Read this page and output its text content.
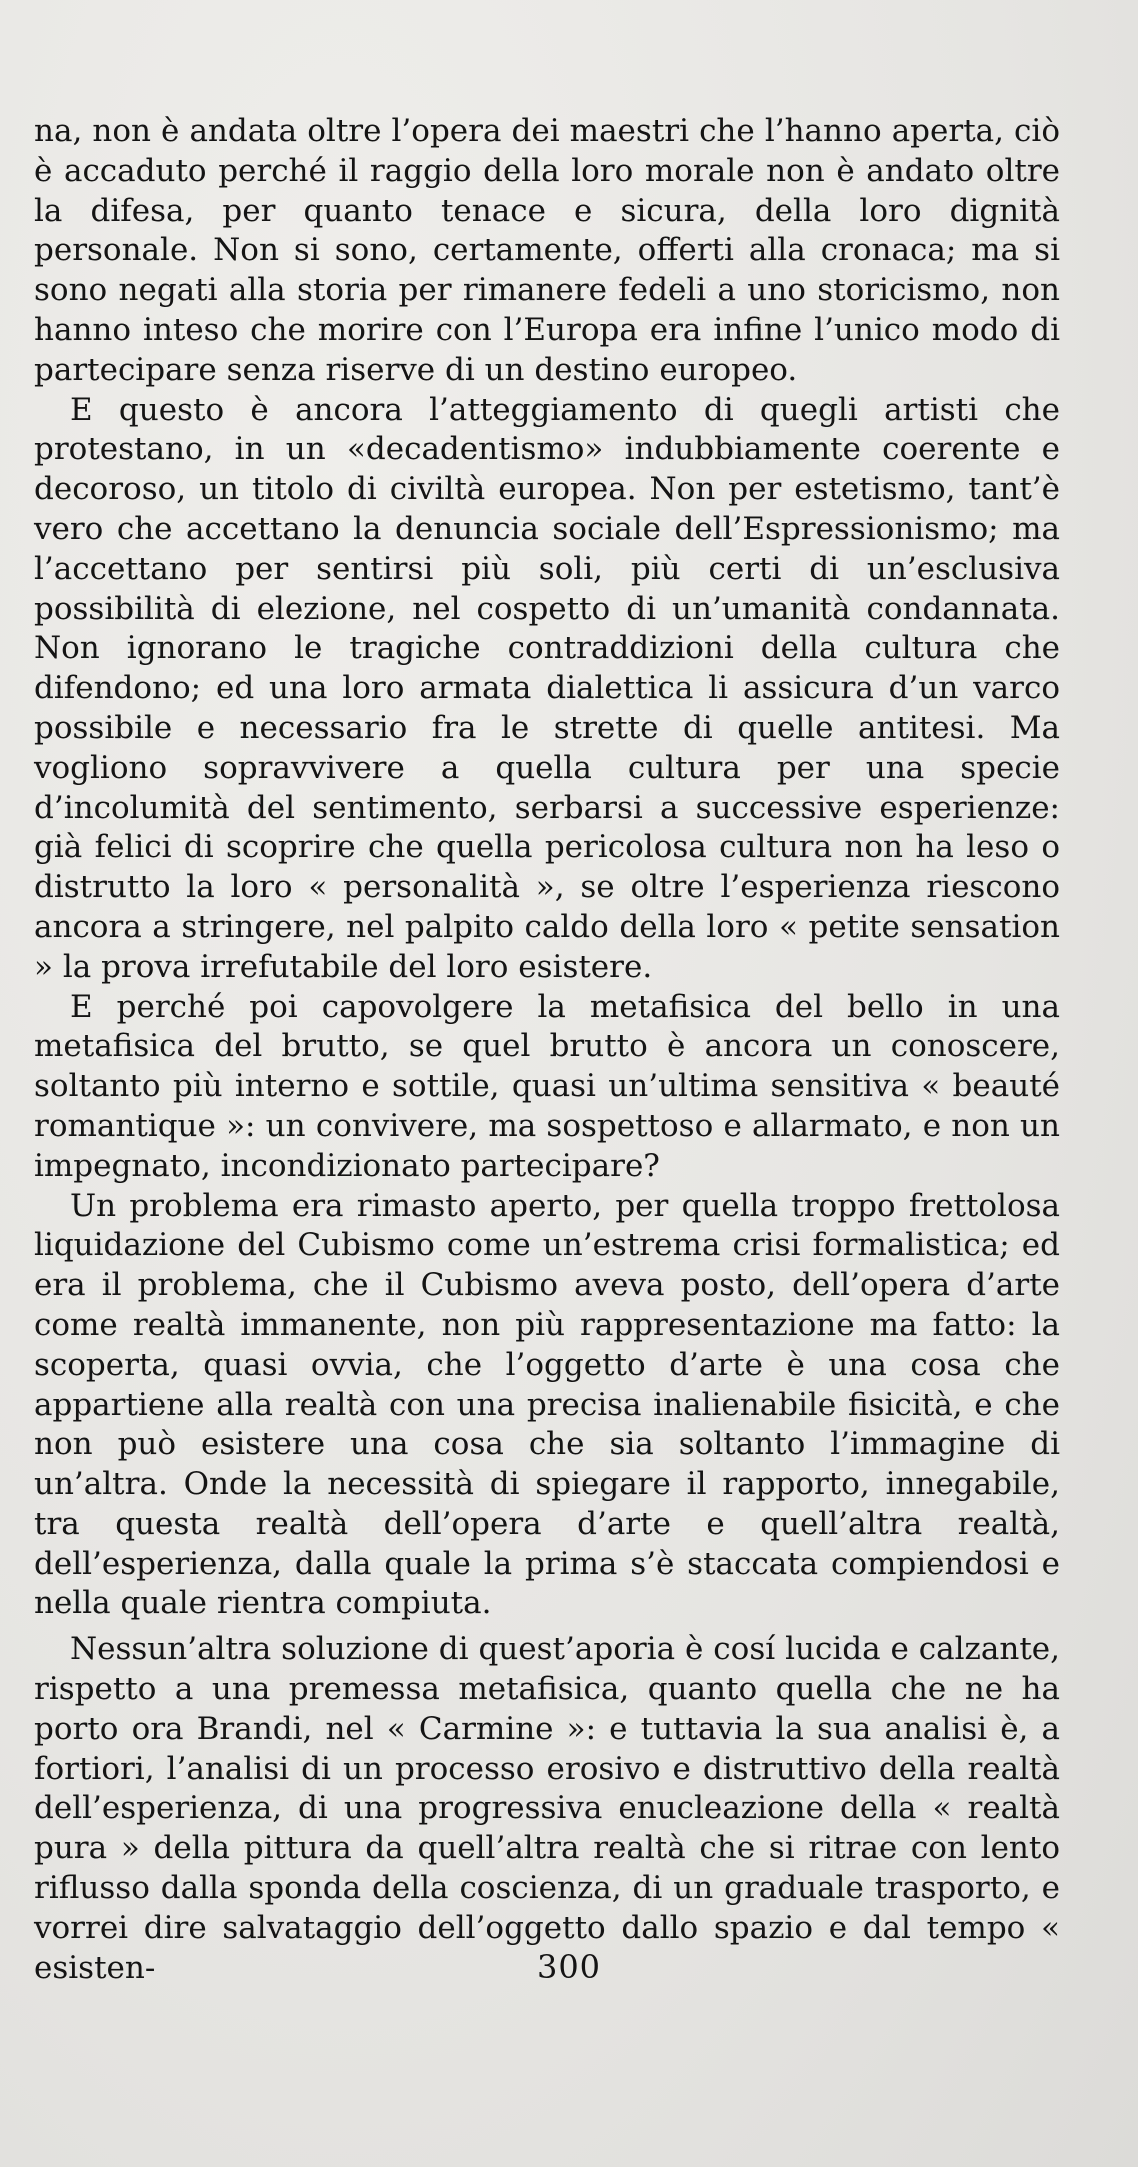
na, non è andata oltre l’opera dei maestri che l’hanno aperta, ciò è accaduto perché il raggio della loro morale non è andato oltre la difesa, per quanto tenace e sicura, della loro dignità personale. Non si sono, certamente, offerti alla cronaca; ma si sono negati alla storia per rimanere fedeli a uno storicismo, non hanno inteso che morire con l’Europa era infine l’unico modo di partecipare senza riserve di un destino europeo.

E questo è ancora l’atteggiamento di quegli artisti che protestano, in un «decadentismo» indubbiamente coerente e decoroso, un titolo di civiltà europea. Non per estetismo, tant’è vero che accettano la denuncia sociale dell’Espressionismo; ma l’accettano per sentirsi più soli, più certi di un’esclusiva possibilità di elezione, nel cospetto di un’umanità condannata. Non ignorano le tragiche contraddizioni della cultura che difendono; ed una loro armata dialettica li assicura d’un varco possibile e necessario fra le strette di quelle antitesi. Ma vogliono sopravvivere a quella cultura per una specie d’incolumità del sentimento, serbarsi a successive esperienze: già felici di scoprire che quella pericolosa cultura non ha leso o distrutto la loro « personalità », se oltre l’esperienza riescono ancora a stringere, nel palpito caldo della loro « petite sensation » la prova irrefutabile del loro esistere.

E perché poi capovolgere la metafisica del bello in una metafisica del brutto, se quel brutto è ancora un conoscere, soltanto più interno e sottile, quasi un’ultima sensitiva « beauté romantique »: un convivere, ma sospettoso e allarmato, e non un impegnato, incondizionato partecipare?

Un problema era rimasto aperto, per quella troppo frettolosa liquidazione del Cubismo come un’estrema crisi formalistica; ed era il problema, che il Cubismo aveva posto, dell’opera d’arte come realtà immanente, non più rappresentazione ma fatto: la scoperta, quasi ovvia, che l’oggetto d’arte è una cosa che appartiene alla realtà con una precisa inalienabile fisicità, e che non può esistere una cosa che sia soltanto l’immagine di un’altra. Onde la necessità di spiegare il rapporto, innegabile, tra questa realtà dell’opera d’arte e quell’altra realtà, dell’esperienza, dalla quale la prima s’è staccata compiendosi e nella quale rientra compiuta.

Nessun’altra soluzione di quest’aporia è cosí lucida e calzante, rispetto a una premessa metafisica, quanto quella che ne ha porto ora Brandi, nel « Carmine »: e tuttavia la sua analisi è, a fortiori, l’analisi di un processo erosivo e distruttivo della realtà dell’esperienza, di una progressiva enucleazione della « realtà pura » della pittura da quell’altra realtà che si ritrae con lento riflusso dalla sponda della coscienza, di un graduale trasporto, e vorrei dire salvataggio dell’oggetto dallo spazio e dal tempo « esisten-	300
